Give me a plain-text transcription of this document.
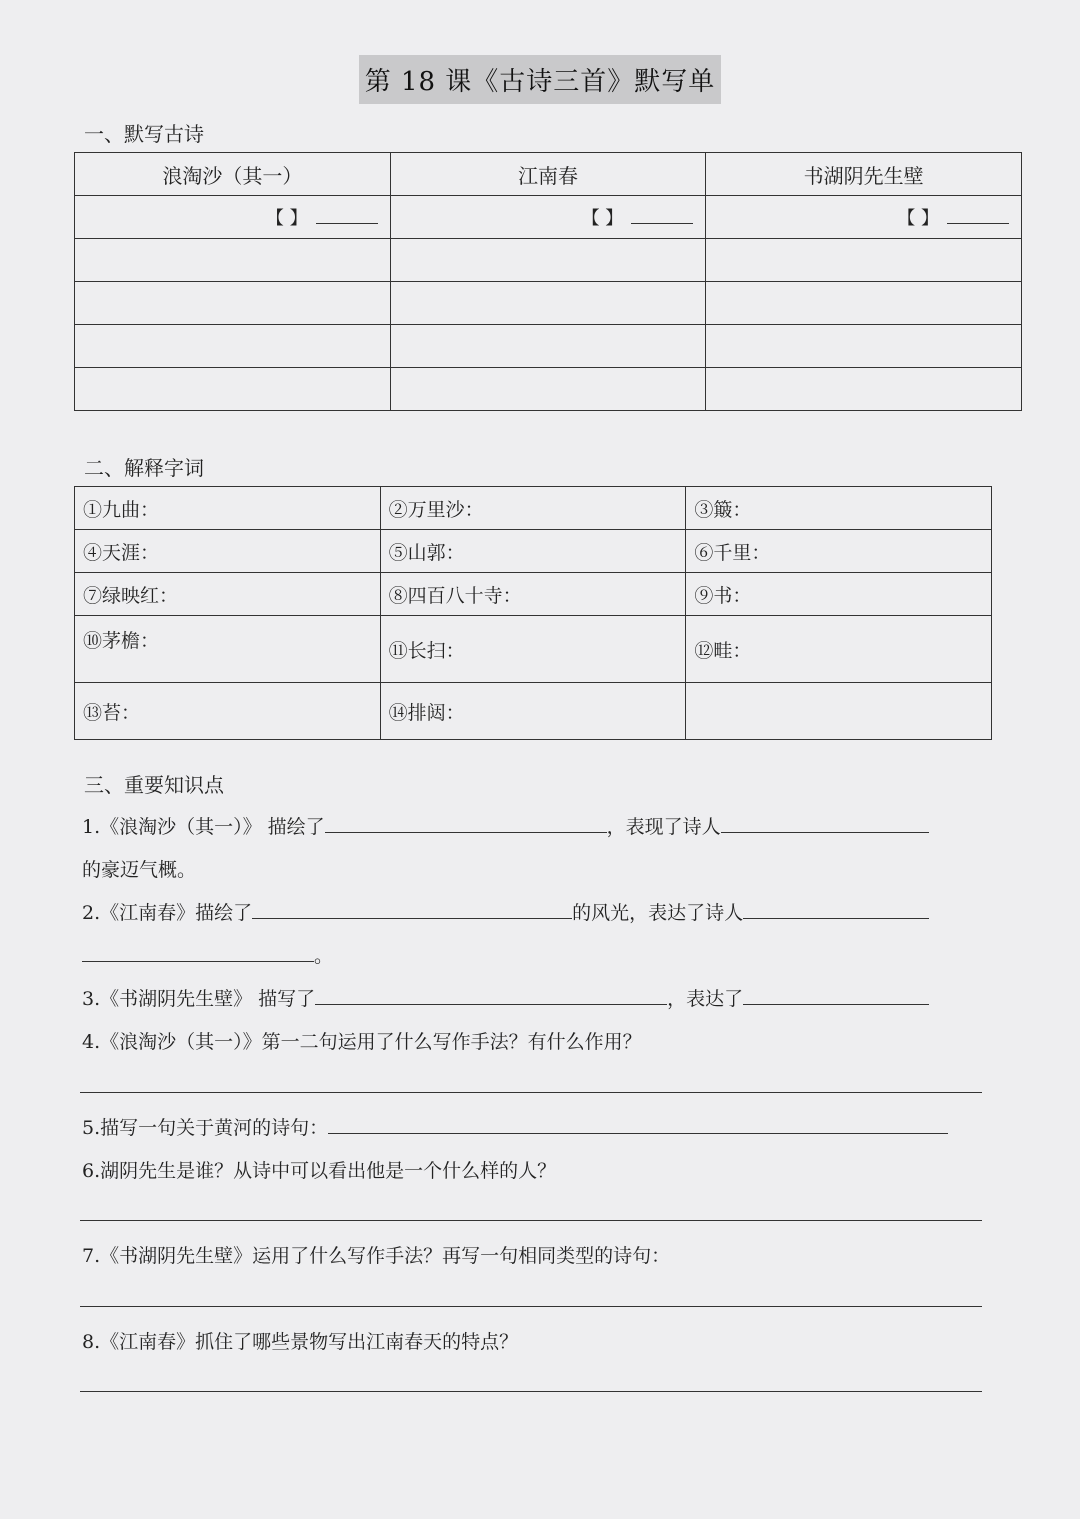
第 18 课《古诗三首》默写单
一、默写古诗
浪淘沙（其一）	江南春	书湖阴先生壁
【 】	【 】	【 】

二、解释字词
①九曲：	②万里沙：	③簸：
④天涯：	⑤山郭：	⑥千里：
⑦绿映红：	⑧四百八十寺：	⑨书：
⑩茅檐：	⑪长扫：	⑫畦：
⑬苔：	⑭排闼：	
三、重要知识点
1.《浪淘沙（其一）》 描绘了	，表现了诗人
的豪迈气概。
2.《江南春》描绘了	的风光，表达了诗人
。
3.《书湖阴先生壁》 描写了	，表达了
4.《浪淘沙（其一）》第一二句运用了什么写作手法？有什么作用？
5.描写一句关于黄河的诗句：
6.湖阴先生是谁？从诗中可以看出他是一个什么样的人？
7.《书湖阴先生壁》运用了什么写作手法？再写一句相同类型的诗句：
8.《江南春》抓住了哪些景物写出江南春天的特点？
